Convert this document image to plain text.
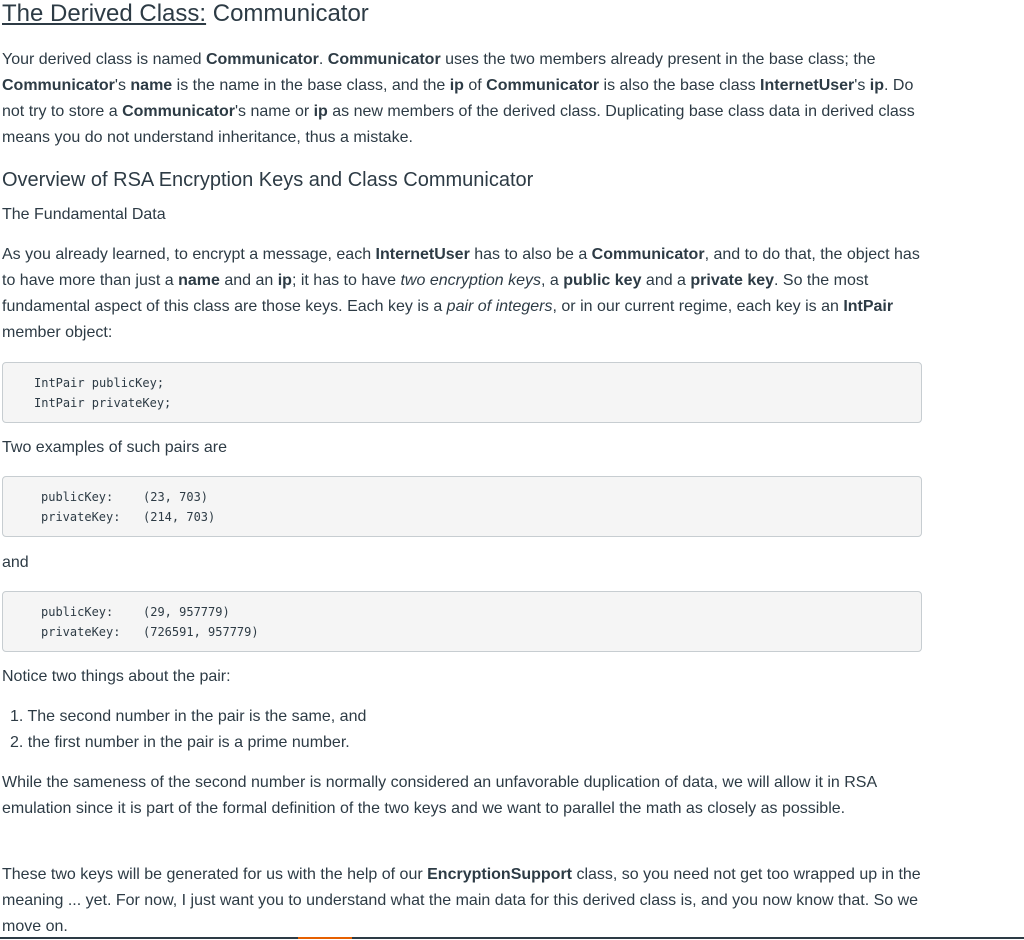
The Derived Class: Communicator

Your derived class is named Communicator. Communicator uses the two members already present in the base class; the Communicator's name is the name in the base class, and the ip of Communicator is also the base class InternetUser's ip. Do not try to store a Communicator's name or ip as new members of the derived class. Duplicating base class data in derived class means you do not understand inheritance, thus a mistake.

Overview of RSA Encryption Keys and Class Communicator
The Fundamental Data

As you already learned, to encrypt a message, each InternetUser has to also be a Communicator, and to do that, the object has to have more than just a name and an ip; it has to have two encryption keys, a public key and a private key. So the most fundamental aspect of this class are those keys. Each key is a pair of integers, or in our current regime, each key is an IntPair member object:

IntPair publicKey;
IntPair privateKey;
Two examples of such pairs are
publicKey: (23, 703)
privateKey: (214, 703)
and
publicKey: (29, 957779)
privateKey: (726591, 957779)
Notice two things about the pair:
1. The second number in the pair is the same, and
2. the first number in the pair is a prime number.

While the sameness of the second number is normally considered an unfavorable duplication of data, we will allow it in RSA emulation since it is part of the formal definition of the two keys and we want to parallel the math as closely as possible.

These two keys will be generated for us with the help of our EncryptionSupport class, so you need not get too wrapped up in the meaning ... yet. For now, I just want you to understand what the main data for this derived class is, and you now know that. So we move on.
